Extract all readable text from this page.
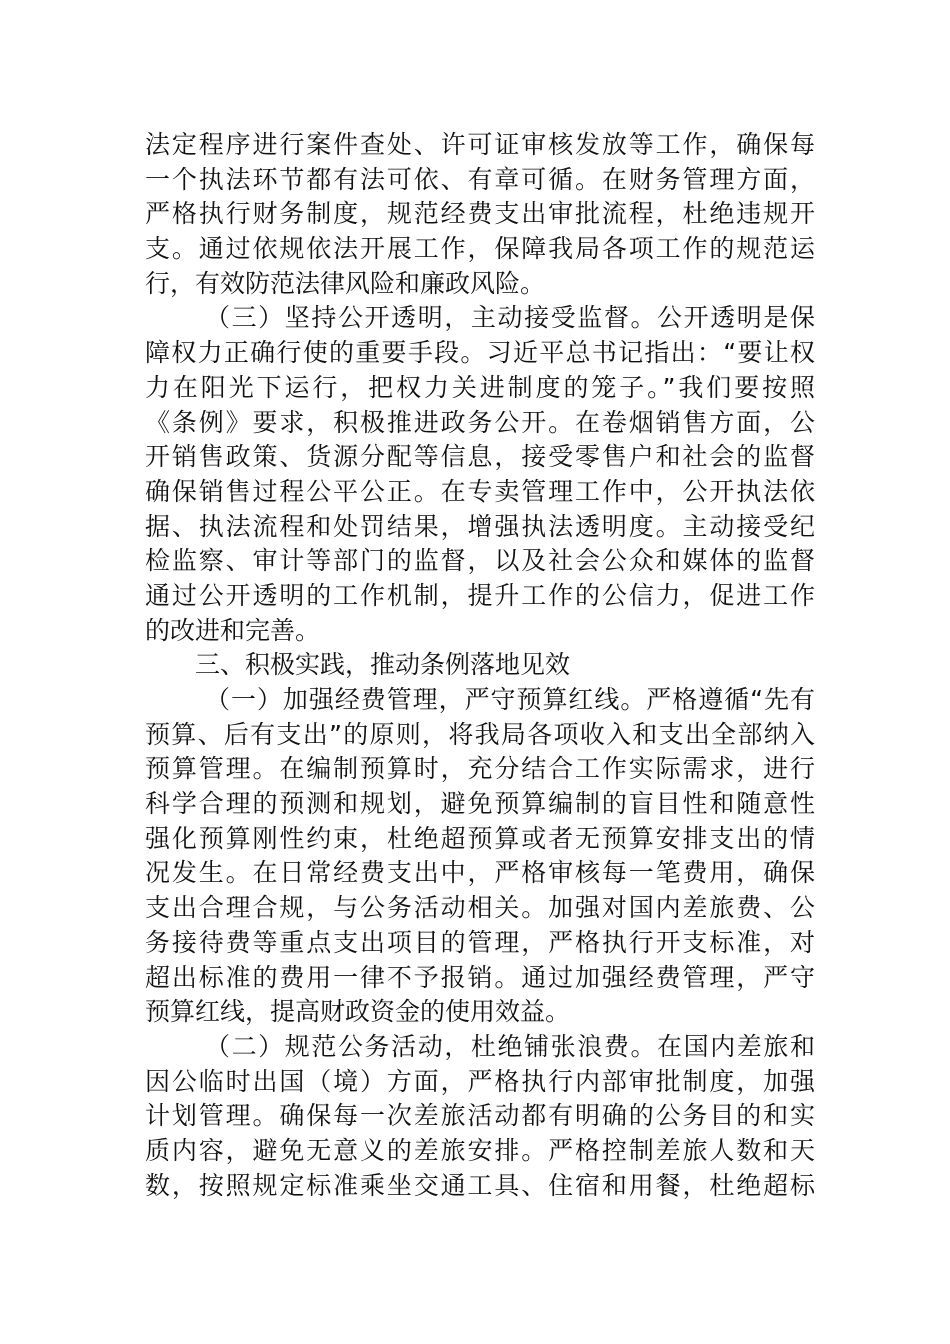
法定程序进行案件查处、许可证审核发放等工作，确保每
一个执法环节都有法可依、有章可循。在财务管理方面，
严格执行财务制度，规范经费支出审批流程，杜绝违规开
支。通过依规依法开展工作，保障我局各项工作的规范运
行，有效防范法律风险和廉政风险。
（三）坚持公开透明，主动接受监督。公开透明是保
障权力正确行使的重要手段。习近平总书记指出：“要让权
力在阳光下运行，把权力关进制度的笼子。”我们要按照
《条例》要求，积极推进政务公开。在卷烟销售方面，公
开销售政策、货源分配等信息，接受零售户和社会的监督
确保销售过程公平公正。在专卖管理工作中，公开执法依
据、执法流程和处罚结果，增强执法透明度。主动接受纪
检监察、审计等部门的监督，以及社会公众和媒体的监督
通过公开透明的工作机制，提升工作的公信力，促进工作
的改进和完善。
三、积极实践，推动条例落地见效
（一）加强经费管理，严守预算红线。严格遵循“先有
预算、后有支出”的原则，将我局各项收入和支出全部纳入
预算管理。在编制预算时，充分结合工作实际需求，进行
科学合理的预测和规划，避免预算编制的盲目性和随意性
强化预算刚性约束，杜绝超预算或者无预算安排支出的情
况发生。在日常经费支出中，严格审核每一笔费用，确保
支出合理合规，与公务活动相关。加强对国内差旅费、公
务接待费等重点支出项目的管理，严格执行开支标准，对
超出标准的费用一律不予报销。通过加强经费管理，严守
预算红线，提高财政资金的使用效益。
（二）规范公务活动，杜绝铺张浪费。在国内差旅和
因公临时出国（境）方面，严格执行内部审批制度，加强
计划管理。确保每一次差旅活动都有明确的公务目的和实
质内容，避免无意义的差旅安排。严格控制差旅人数和天
数，按照规定标准乘坐交通工具、住宿和用餐，杜绝超标
